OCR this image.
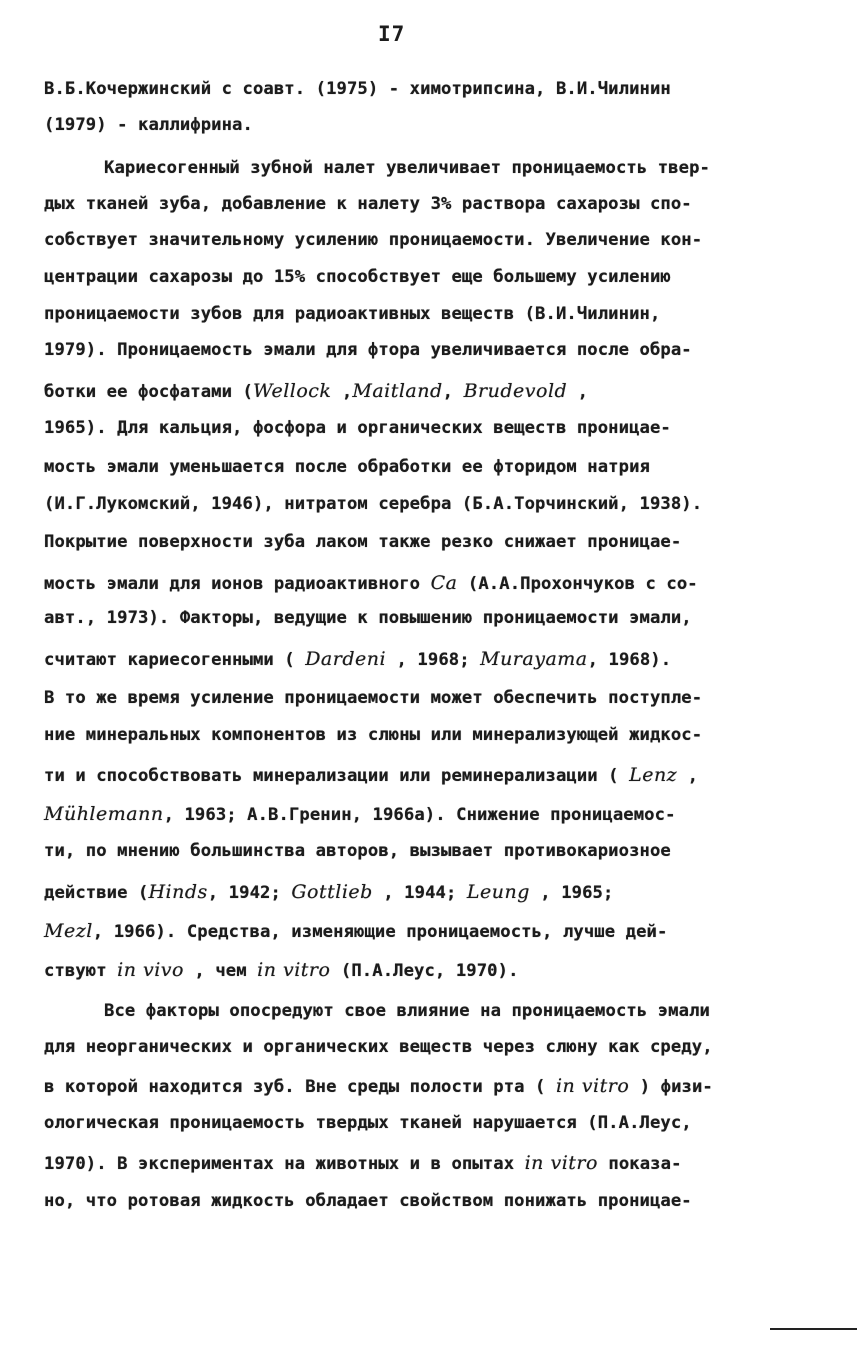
I7
В.Б.Кочержинский с соавт. (1975) - химотрипсина, В.И.Чилинин
(1979) - каллифрина.
Кариесогенный зубной налет увеличивает проницаемость твер-
дых тканей зуба, добавление к налету 3% раствора сахарозы спо-
собствует значительному усилению проницаемости. Увеличение кон-
центрации сахарозы до 15% способствует еще большему усилению
проницаемости зубов для радиоактивных веществ (В.И.Чилинин,
1979). Проницаемость эмали для фтора увеличивается после обра-
ботки ее фосфатами (Wellock ,Maitland, Brudevold ,
1965). Для кальция, фосфора и органических веществ проницае-
мость эмали уменьшается после обработки ее фторидом натрия
(И.Г.Лукомский, 1946), нитратом серебра (Б.А.Торчинский, 1938).
Покрытие поверхности зуба лаком также резко снижает проницае-
мость эмали для ионов радиоактивного Ca (А.А.Прохончуков с со-
авт., 1973). Факторы, ведущие к повышению проницаемости эмали,
считают кариесогенными ( Dardeni , 1968; Murayama, 1968).
В то же время усиление проницаемости может обеспечить поступле-
ние минеральных компонентов из слюны или минерализующей жидкос-
ти и способствовать минерализации или реминерализации ( Lenz ,
Mühlemann, 1963; А.В.Гренин, 1966а). Снижение проницаемос-
ти, по мнению большинства авторов, вызывает противокариозное
действие (Hinds, 1942; Gottlieb , 1944; Leung , 1965;
Mezl, 1966). Средства, изменяющие проницаемость, лучше дей-
ствуют in vivo , чем in vitro (П.А.Леус, 1970).
Все факторы опосредуют свое влияние на проницаемость эмали
для неорганических и органических веществ через слюну как среду,
в которой находится зуб. Вне среды полости рта ( in vitro ) физи-
ологическая проницаемость твердых тканей нарушается (П.А.Леус,
1970). В экспериментах на животных и в опытах in vitro показа-
но, что ротовая жидкость обладает свойством понижать проницае-
